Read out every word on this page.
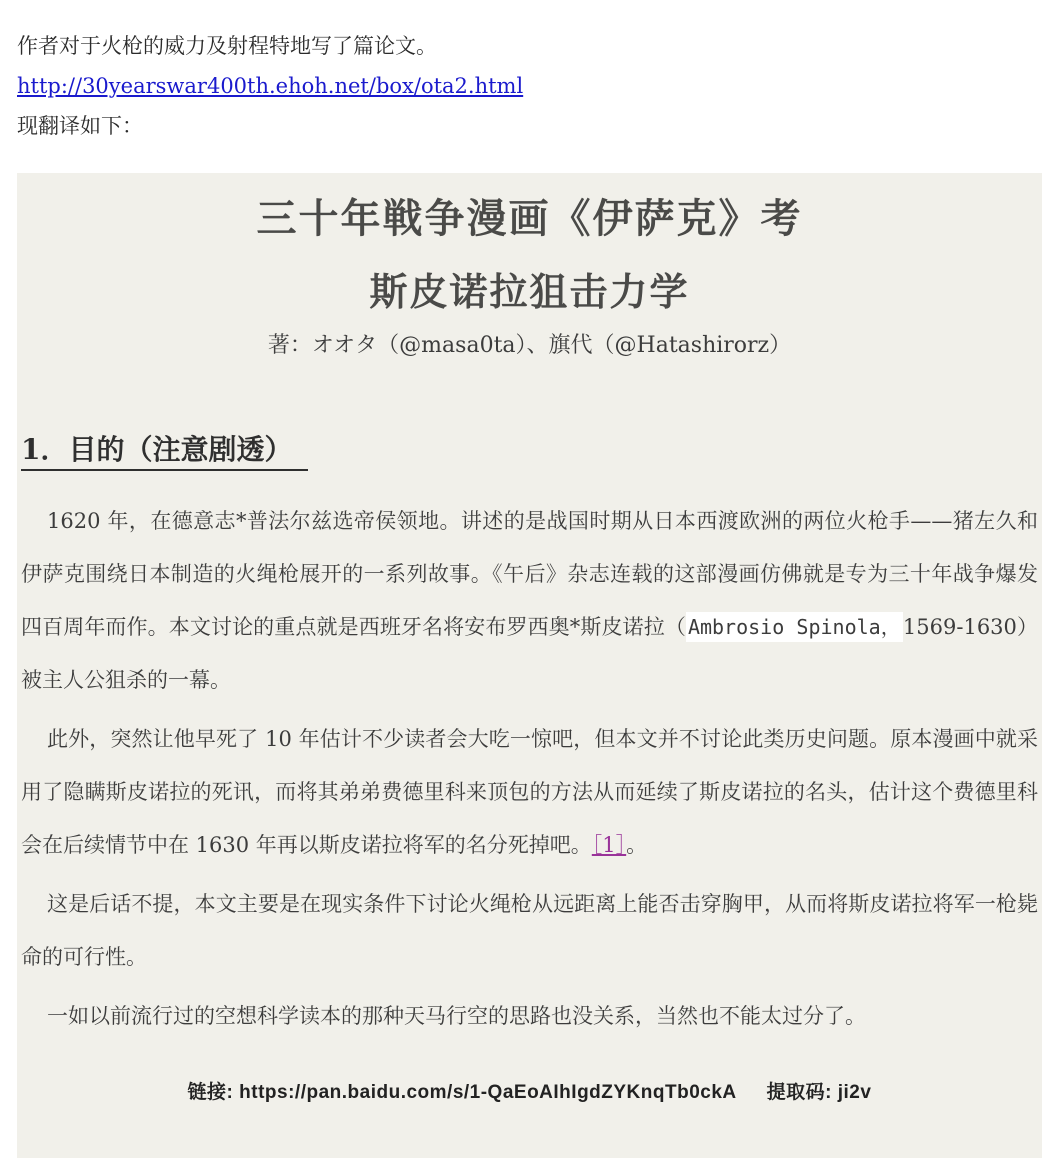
作者对于火枪的威力及射程特地写了篇论文。
http://30yearswar400th.ehoh.net/box/ota2.html
现翻译如下：
三十年戦争漫画《伊萨克》考
斯皮诺拉狙击力学
著：オオタ（@masa0ta）、旗代（@Hatashirorz）
1．目的（注意剧透）

1620 年，在德意志*普法尔兹选帝侯领地。讲述的是战国时期从日本西渡欧洲的两位火枪手——猪左久和伊萨克围绕日本制造的火绳枪展开的一系列故事。《午后》杂志连载的这部漫画仿佛就是专为三十年战争爆发四百周年而作。本文讨论的重点就是西班牙名将安布罗西奥*斯皮诺拉（ Ambrosio Spinola，1569-1630）被主人公狙杀的一幕。

此外，突然让他早死了 10 年估计不少读者会大吃一惊吧，但本文并不讨论此类历史问题。原本漫画中就采用了隐瞒斯皮诺拉的死讯，而将其弟弟费德里科来顶包的方法从而延续了斯皮诺拉的名头，估计这个费德里科会在后续情节中在 1630 年再以斯皮诺拉将军的名分死掉吧。［1］。

这是后话不提，本文主要是在现实条件下讨论火绳枪从远距离上能否击穿胸甲，从而将斯皮诺拉将军一枪毙命的可行性。

一如以前流行过的空想科学读本的那种天马行空的思路也没关系，当然也不能太过分了。

链接: https://pan.baidu.com/s/1-QaEoAIhIgdZYKnqTb0ckA 提取码: ji2v
